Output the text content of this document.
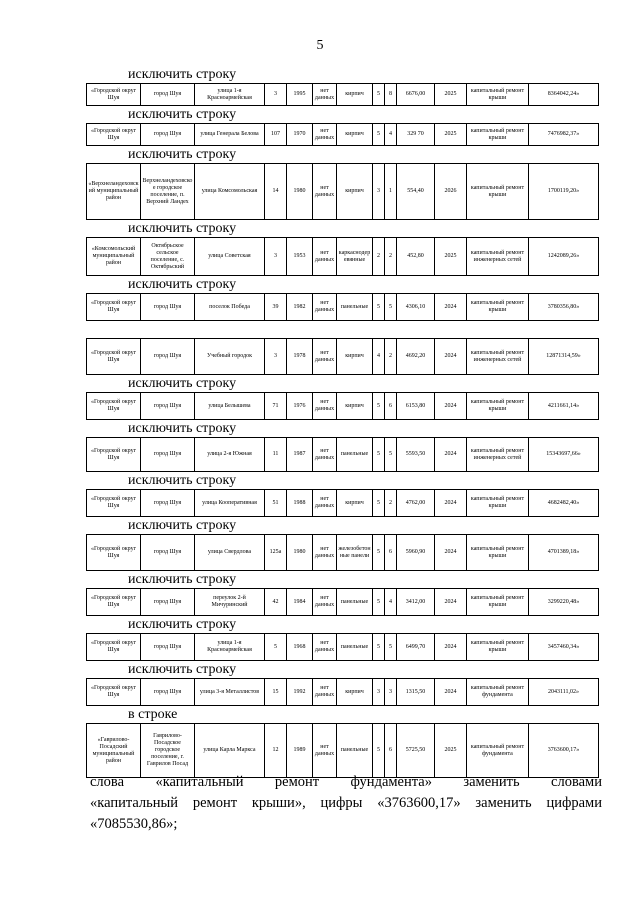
5
исключить строку
«Городской округ Шуя	город Шуя	улица 1-я Красноармейская	3	1995	нет данных	кирпич	5	8	6676,00	2025	капитальный ремонт крыши	8364042,24»
исключить строку
«Городской округ Шуя	город Шуя	улица Генерала Белова	107	1970	нет данных	кирпич	5	4	329 70	2025	капитальный ремонт крыши	7476982,37»
исключить строку
«Верхнеландеховский муниципальный район	Верхнеландеховское городское поселение, п. Верхний Ландех	улица Комсомольская	14	1980	нет данных	кирпич	3	1	554,40	2026	капитальный ремонт крыши	1700119,20»
исключить строку
«Комсомольский муниципальный район	Октябрьское сельское поселение, с. Октябрьский	улица Советская	3	1953	нет данных	каркаснодеревянные	2	2	452,80	2025	капитальный ремонт инженерных сетей	1242089,26»
исключить строку
«Городской округ Шуя	город Шуя	поселок Победа	39	1982	нет данных	панельные	5	5	4306,10	2024	капитальный ремонт крыши	3780356,80»
«Городской округ Шуя	город Шуя	Учебный городок	3	1978	нет данных	кирпич	4	2	4692,20	2024	капитальный ремонт инженерных сетей	12871314,59»
исключить строку
«Городской округ Шуя	город Шуя	улица Белышева	71	1976	нет данных	кирпич	5	6	6153,80	2024	капитальный ремонт крыши	4211661,14»
исключить строку
«Городской округ Шуя	город Шуя	улица 2-я Южная	11	1987	нет данных	панельные	5	5	5593,50	2024	капитальный ремонт инженерных сетей	15343697,66»
исключить строку
«Городской округ Шуя	город Шуя	улица Кооперативная	51	1988	нет данных	кирпич	5	2	4762,00	2024	капитальный ремонт крыши	4682482,40»
исключить строку
«Городской округ Шуя	город Шуя	улица Свердлова	125а	1980	нет данных	железобетонные панели	5	6	5960,90	2024	капитальный ремонт крыши	4701389,18»
исключить строку
«Городской округ Шуя	город Шуя	переулок 2-й Мичуринский	42	1984	нет данных	панельные	5	4	3412,00	2024	капитальный ремонт крыши	3299220,48»
исключить строку
«Городской округ Шуя	город Шуя	улица 1-я Красноармейская	5	1968	нет данных	панельные	5	5	6499,70	2024	капитальный ремонт крыши	3457460,34»
исключить строку
«Городской округ Шуя	город Шуя	улица 3-я Металлистов	15	1992	нет данных	кирпич	3	3	1315,50	2024	капитальный ремонт фундамента	2043111,02»
в строке
«Гаврилово-Посадский муниципальный район	Гаврилово-Посадское городское поселение, г. Гаврилов Посад	улица Карла Маркса	12	1989	нет данных	панельные	5	6	5725,50	2025	капитальный ремонт фундамента	3763600,17»
слова «капитальный ремонт фундамента» заменить словами
«капитальный ремонт крыши», цифры «3763600,17» заменить цифрами
«7085530,86»;
